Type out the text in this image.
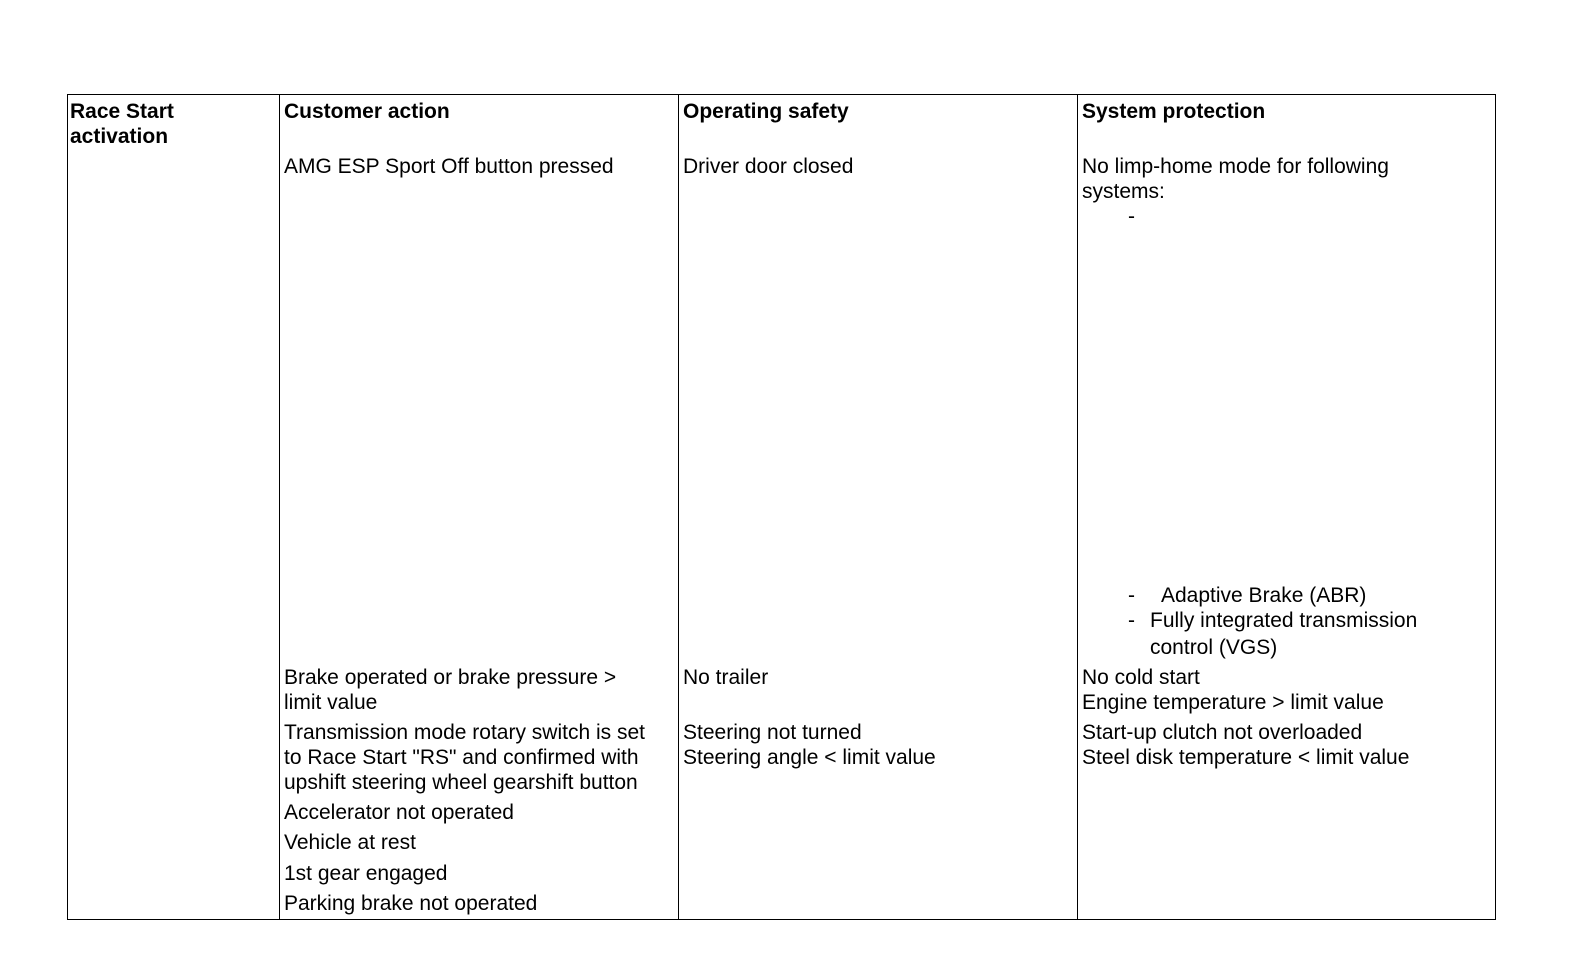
Race Start
activation
Customer action	Operating safety	System protection
AMG ESP Sport Off button pressed
Brake operated or brake pressure >
limit value
Transmission mode rotary switch is set
to Race Start "RS" and confirmed with
upshift steering wheel gearshift button
Accelerator not operated
Vehicle at rest
1st gear engaged
Parking brake not operated
Driver door closed
No trailer
Steering not turned
Steering angle < limit value
No limp-home mode for following
systems:
-
- Adaptive Brake (ABR)
- Fully integrated transmission
control (VGS)
No cold start
Engine temperature > limit value
Start-up clutch not overloaded
Steel disk temperature < limit value
